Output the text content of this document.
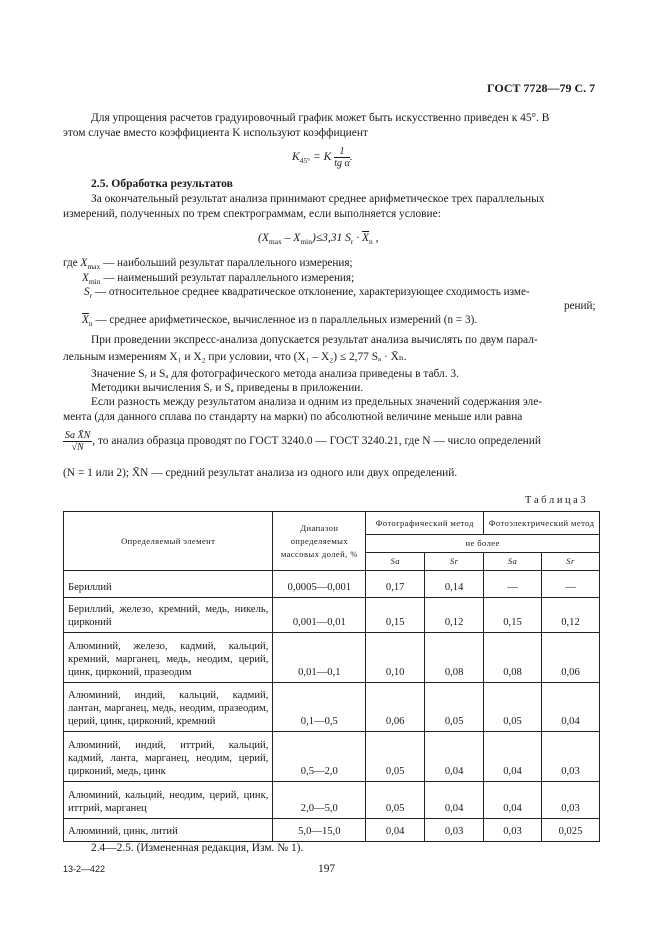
ГОСТ 7728—79 С. 7
Для упрощения расчетов градуировочный график может быть искусственно приведен к 45°. В
этом случае вместо коэффициента K используют коэффициент
$K_{45^\circ} = K \frac{1}{\text{tg α}}$ .
2.5. Обработка результатов
За окончательный результат анализа принимают среднее арифметическое трех параллельных
измерений, полученных по трем спектрограммам, если выполняется условие:
$(X_{max} - X_{min})\le 3,31$ $S_r \cdot \overline{X}_n$ ,
где $X_{max}$ — наибольший результат параллельного измерения;
$X_{min}$ — наименьший результат параллельного измерения;
$S_r$ — относительное среднее квадратическое отклонение, характеризующее сходимость изме-
рений;
$\overline{X}_n$ — среднее арифметическое, вычисленное из n параллельных измерений (n = 3).
При проведении экспресс-анализа допускается результат анализа вычислять по двум парал-
лельным измерениям X₁ и X₂ при условии, что (X₁ – X₂) ≤ 2,77 Sₐ · X̄ₙ.
Значение Sᵣ и Sₐ для фотографического метода анализа приведены в табл. 3.
Методики вычисления Sᵣ и Sₐ приведены в приложении.
Если разность между результатом анализа и одним из предельных значений содержания эле-
мента (для данного сплава по стандарту на марки) по абсолютной величине меньше или равна
$\frac{\text{Sa X̄N}}{√N}$ , то анализ образца проводят по ГОСТ 3240.0 — ГОСТ 3240.21, где N — число определений
(N = 1 или 2); X̄N — средний результат анализа из одного или двух определений.
Т а б л и ц а 3
Определяемый элемент	Диапазон определяемых массовых долей, %	Фотографический метод		Фотоэлектрический метод	
		не более			
		Sa	Sr	Sa	Sr
Бериллий	0,0005—0,001	0,17	0,14	—	—
Бериллий, железо, кремний, медь, никель, цирконий	0,001—0,01	0,15	0,12	0,15	0,12
Алюминий, железо, кадмий, кальций, кремний, марганец, медь, неодим, церий, цинк, цирконий, празеодим	0,01—0,1	0,10	0,08	0,08	0,06
Алюминий, индий, кальций, кадмий, лантан, марганец, медь, неодим, празеодим, церий, цинк, цирконий, кремний	0,1—0,5	0,06	0,05	0,05	0,04
Алюминий, индий, иттрий, кальций, кадмий, ланта, марганец, неодим, церий, цирконий, медь, цинк	0,5—2,0	0,05	0,04	0,04	0,03
Алюминий, кальций, неодим, церий, цинк, иттрий, марганец	2,0—5,0	0,05	0,04	0,04	0,03
Алюминий, цинк, литий	5,0—15,0	0,04	0,03	0,03	0,025
2.4—2.5. (Измененная редакция, Изм. № 1).
13-2—422	197
